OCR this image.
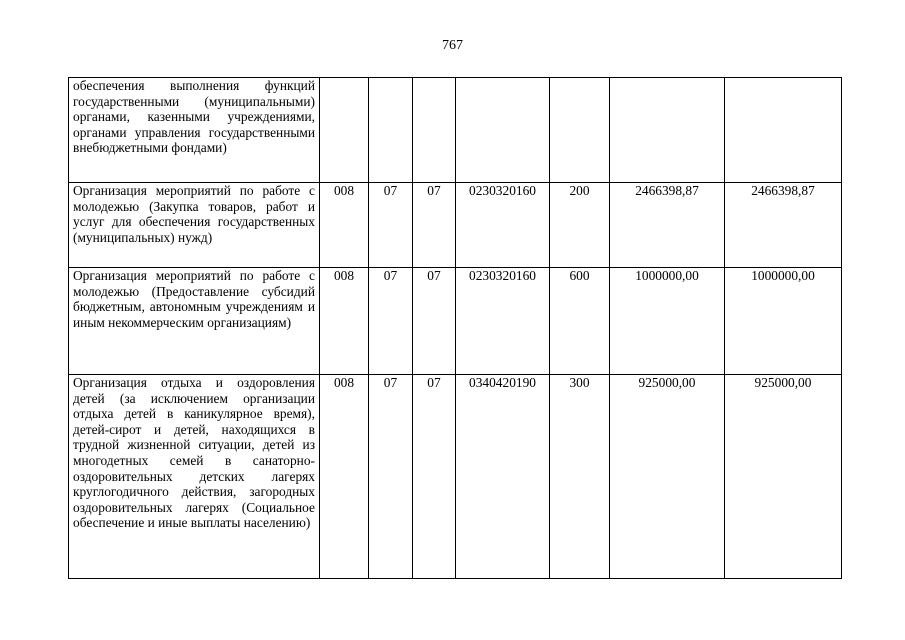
767
обеспечения выполнения функций государственными (муниципальными) органами, казенными учреждениями, органами управления государственными внебюджетными фондами)							
Организация мероприятий по работе с молодежью (Закупка товаров, работ и услуг для обеспечения государственных (муниципальных) нужд)	008	07	07	0230320160	200	2466398,87	2466398,87
Организация мероприятий по работе с молодежью (Предоставление субсидий бюджетным, автономным учреждениям и иным некоммерческим организациям)	008	07	07	0230320160	600	1000000,00	1000000,00
Организация отдыха и оздоровления детей (за исключением организации отдыха детей в каникулярное время), детей-сирот и детей, находящихся в трудной жизненной ситуации, детей из многодетных семей в санаторно-оздоровительных детских лагерях круглогодичного действия, загородных оздоровительных лагерях (Социальное обеспечение и иные выплаты населению)	008	07	07	0340420190	300	925000,00	925000,00
